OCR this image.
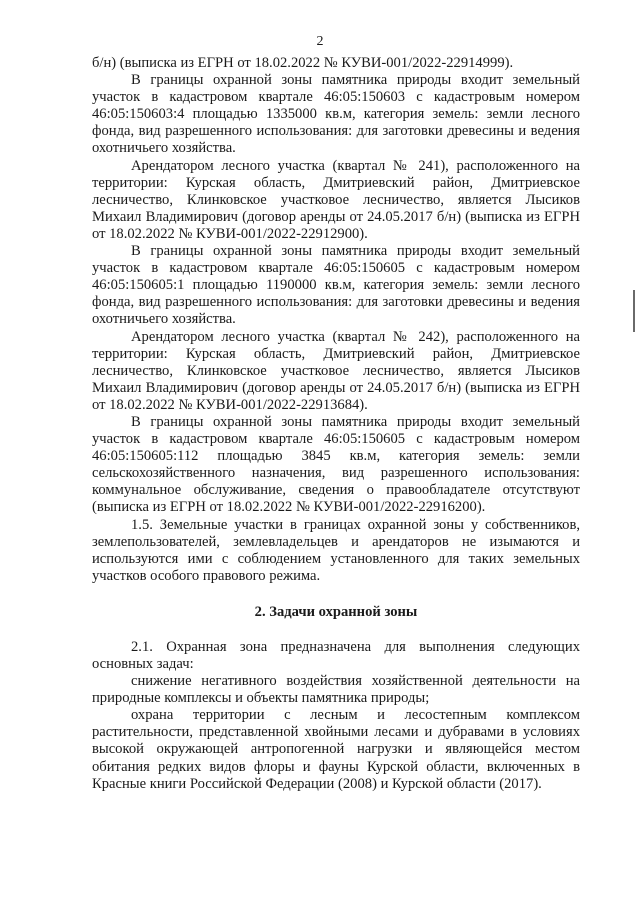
2

б/н) (выписка из ЕГРН от 18.02.2022 № КУВИ-001/2022-22914999).

В границы охранной зоны памятника природы входит земельный участок в кадастровом квартале 46:05:150603 с кадастровым номером 46:05:150603:4 площадью 1335000 кв.м, категория земель: земли лесного фонда, вид разрешенного использования: для заготовки древесины и ведения охотничьего хозяйства.

Арендатором лесного участка (квартал № 241), расположенного на территории: Курская область, Дмитриевский район, Дмитриевское лесничество, Клинковское участковое лесничество, является Лысиков Михаил Владимирович (договор аренды от 24.05.2017 б/н) (выписка из ЕГРН от 18.02.2022 № КУВИ-001/2022-22912900).

В границы охранной зоны памятника природы входит земельный участок в кадастровом квартале 46:05:150605 с кадастровым номером 46:05:150605:1 площадью 1190000 кв.м, категория земель: земли лесного фонда, вид разрешенного использования: для заготовки древесины и ведения охотничьего хозяйства.

Арендатором лесного участка (квартал № 242), расположенного на территории: Курская область, Дмитриевский район, Дмитриевское лесничество, Клинковское участковое лесничество, является Лысиков Михаил Владимирович (договор аренды от 24.05.2017 б/н) (выписка из ЕГРН от 18.02.2022 № КУВИ-001/2022-22913684).

В границы охранной зоны памятника природы входит земельный участок в кадастровом квартале 46:05:150605 с кадастровым номером 46:05:150605:112 площадью 3845 кв.м, категория земель: земли сельскохозяйственного назначения, вид разрешенного использования: коммунальное обслуживание, сведения о правообладателе отсутствуют (выписка из ЕГРН от 18.02.2022 № КУВИ-001/2022-22916200).

1.5. Земельные участки в границах охранной зоны у собственников, землепользователей, землевладельцев и арендаторов не изымаются и используются ими с соблюдением установленного для таких земельных участков особого правового режима.

2. Задачи охранной зоны

2.1. Охранная зона предназначена для выполнения следующих основных задач:

снижение негативного воздействия хозяйственной деятельности на природные комплексы и объекты памятника природы;

охрана территории с лесным и лесостепным комплексом растительности, представленной хвойными лесами и дубравами в условиях высокой окружающей антропогенной нагрузки и являющейся местом обитания редких видов флоры и фауны Курской области, включенных в Красные книги Российской Федерации (2008) и Курской области (2017).
